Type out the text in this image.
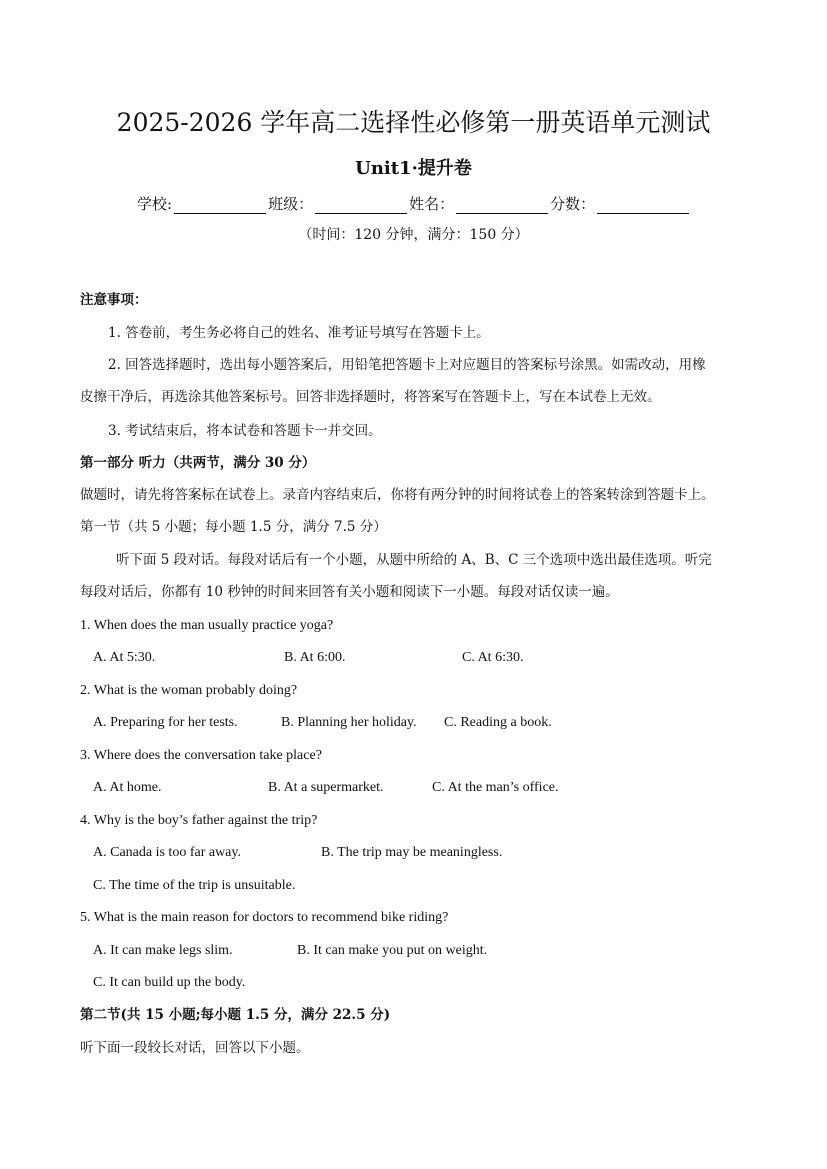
2025-2026 学年高二选择性必修第一册英语单元测试
Unit1·提升卷
学校:	班级：	姓名：	分数：
（时间：120 分钟，满分：150 分）
注意事项：
1. 答卷前，考生务必将自己的姓名、准考证号填写在答题卡上。
2. 回答选择题时，选出每小题答案后，用铅笔把答题卡上对应题目的答案标号涂黑。如需改动，用橡
皮擦干净后，再选涂其他答案标号。回答非选择题时，将答案写在答题卡上，写在本试卷上无效。
3. 考试结束后，将本试卷和答题卡一并交回。
第一部分 听力（共两节，满分 30 分）
做题时，请先将答案标在试卷上。录音内容结束后，你将有两分钟的时间将试卷上的答案转涂到答题卡上。
第一节（共 5 小题；每小题 1.5 分，满分 7.5 分）
听下面 5 段对话。每段对话后有一个小题，从题中所给的 A、B、C 三个选项中选出最佳选项。听完
每段对话后，你都有 10 秒钟的时间来回答有关小题和阅读下一小题。每段对话仅读一遍。
1. When does the man usually practice yoga?
A. At 5:30.	B. At 6:00.	C. At 6:30.
2. What is the woman probably doing?
A. Preparing for her tests.	B. Planning her holiday. C. Reading a book.
3. Where does the conversation take place?
A. At home.	B. At a supermarket.	C. At the man’s office.
4. Why is the boy’s father against the trip?
A. Canada is too far away.	B. The trip may be meaningless.
C. The time of the trip is unsuitable.
5. What is the main reason for doctors to recommend bike riding?
A. It can make legs slim.	B. It can make you put on weight.
C. It can build up the body.
第二节(共 15 小题;每小题 1.5 分，满分 22.5 分)
听下面一段较长对话，回答以下小题。
